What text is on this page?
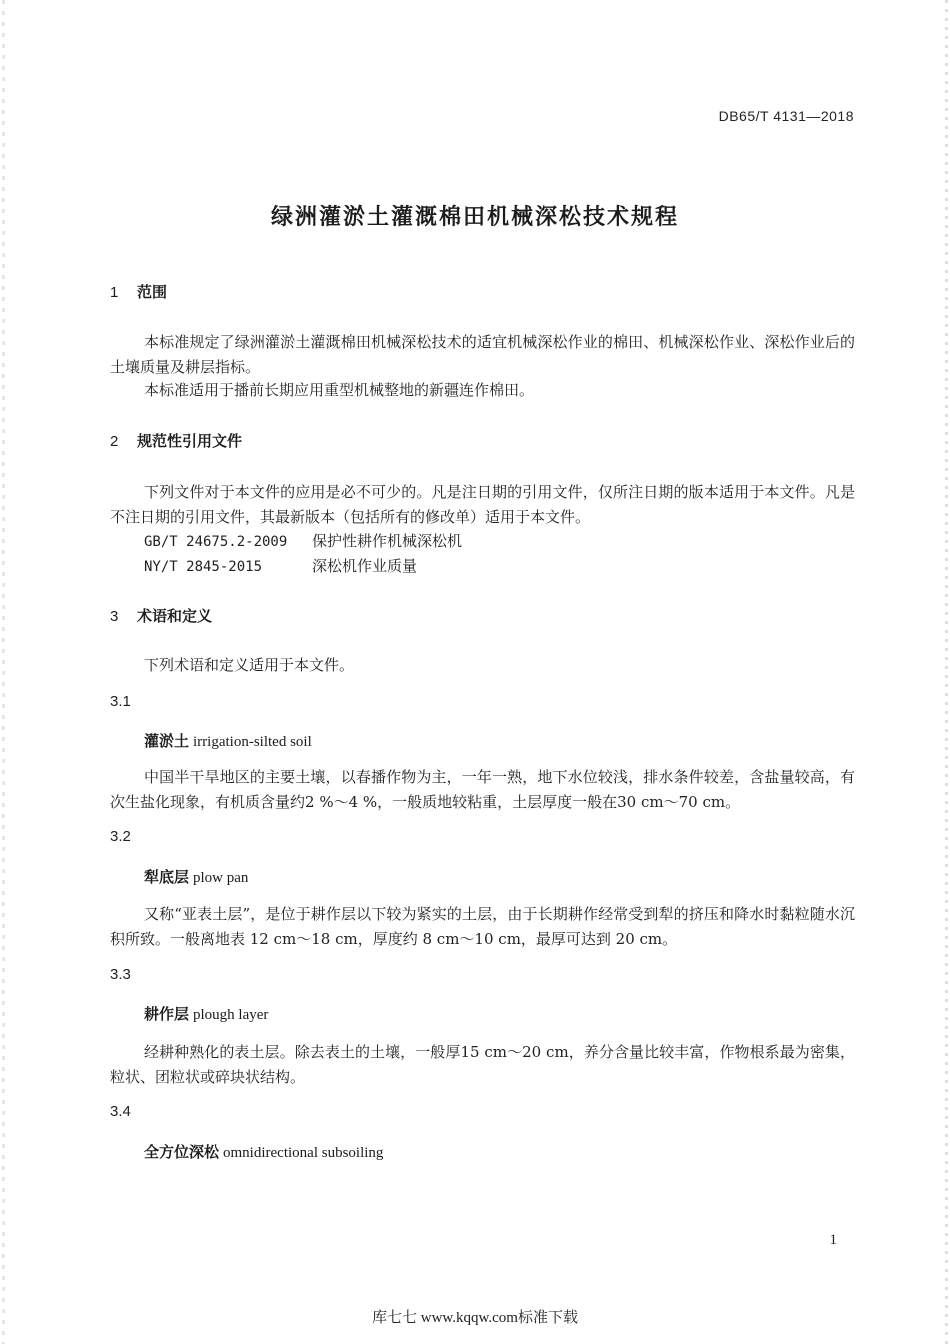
DB65/T 4131—2018
绿洲灌淤土灌溉棉田机械深松技术规程
1 范围
本标准规定了绿洲灌淤土灌溉棉田机械深松技术的适宜机械深松作业的棉田、机械深松作业、深松作业后的土壤质量及耕层指标。
本标准适用于播前长期应用重型机械整地的新疆连作棉田。
2 规范性引用文件
下列文件对于本文件的应用是必不可少的。凡是注日期的引用文件，仅所注日期的版本适用于本文件。凡是不注日期的引用文件，其最新版本（包括所有的修改单）适用于本文件。
GB/T 24675.2-2009 保护性耕作机械深松机
NY/T 2845-2015	深松机作业质量
3 术语和定义
下列术语和定义适用于本文件。
3.1
灌淤土 irrigation-silted soil
中国半干旱地区的主要土壤，以春播作物为主，一年一熟，地下水位较浅，排水条件较差，含盐量较高，有次生盐化现象，有机质含量约2 %～4 %，一般质地较粘重，土层厚度一般在30 cm～70 cm。
3.2
犁底层 plow pan
又称“亚表土层”，是位于耕作层以下较为紧实的土层，由于长期耕作经常受到犁的挤压和降水时黏粒随水沉积所致。一般离地表 12 cm～18 cm，厚度约 8 cm～10 cm，最厚可达到 20 cm。
3.3
耕作层 plough layer
经耕种熟化的表土层。除去表土的土壤，一般厚15 cm～20 cm，养分含量比较丰富，作物根系最为密集，粒状、团粒状或碎块状结构。
3.4
全方位深松 omnidirectional subsoiling
1
库七七 www.kqqw.com标准下载
